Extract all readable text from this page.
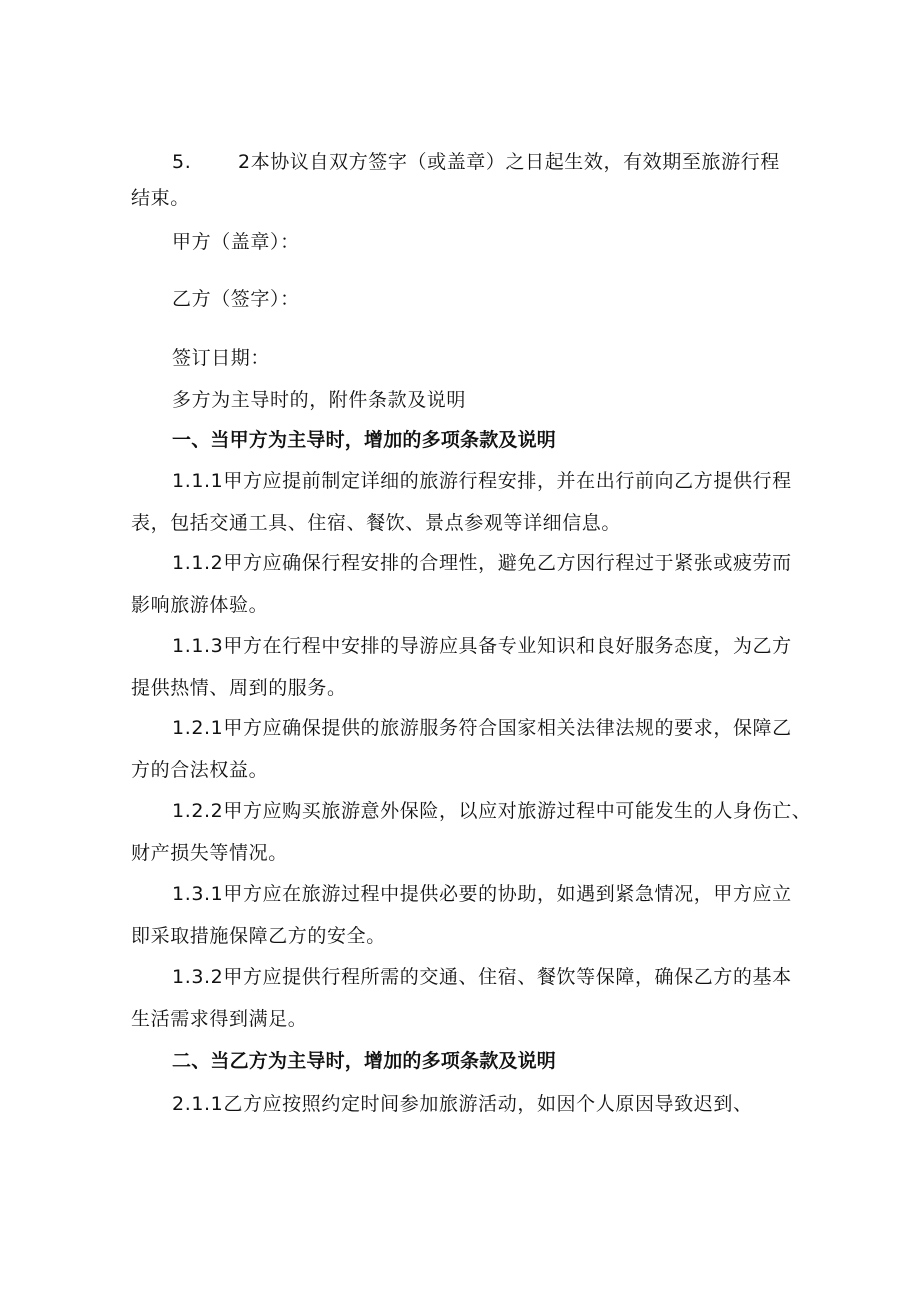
5. 2本协议自双方签字（或盖章）之日起生效，有效期至旅游行程
结束。
甲方（盖章）：
乙方（签字）：
签订日期：
多方为主导时的，附件条款及说明
一、当甲方为主导时，增加的多项条款及说明
1.1.1甲方应提前制定详细的旅游行程安排，并在出行前向乙方提供行程
表，包括交通工具、住宿、餐饮、景点参观等详细信息。
1.1.2甲方应确保行程安排的合理性，避免乙方因行程过于紧张或疲劳而
影响旅游体验。
1.1.3甲方在行程中安排的导游应具备专业知识和良好服务态度，为乙方
提供热情、周到的服务。
1.2.1甲方应确保提供的旅游服务符合国家相关法律法规的要求，保障乙
方的合法权益。
1.2.2甲方应购买旅游意外保险，以应对旅游过程中可能发生的人身伤亡、
财产损失等情况。
1.3.1甲方应在旅游过程中提供必要的协助，如遇到紧急情况，甲方应立
即采取措施保障乙方的安全。
1.3.2甲方应提供行程所需的交通、住宿、餐饮等保障，确保乙方的基本
生活需求得到满足。
二、当乙方为主导时，增加的多项条款及说明
2.1.1乙方应按照约定时间参加旅游活动，如因个人原因导致迟到、
